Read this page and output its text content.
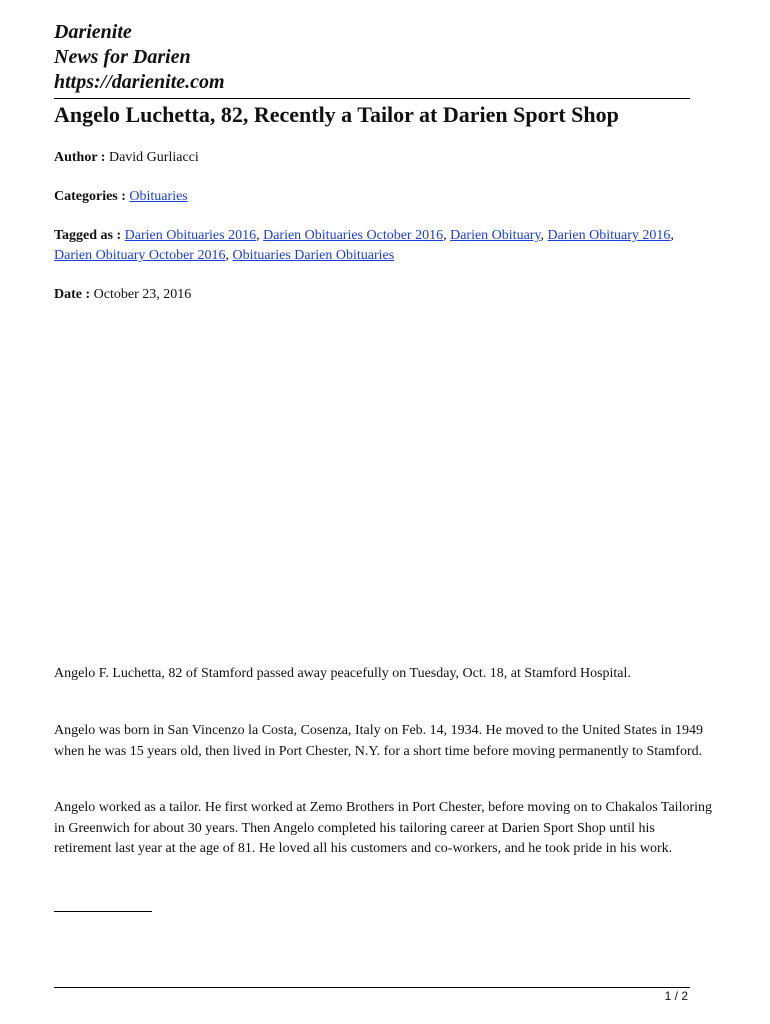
Darienite
News for Darien
https://darienite.com
Angelo Luchetta, 82, Recently a Tailor at Darien Sport Shop
Author : David Gurliacci
Categories : Obituaries
Tagged as : Darien Obituaries 2016, Darien Obituaries October 2016, Darien Obituary, Darien Obituary 2016, Darien Obituary October 2016, Obituaries Darien Obituaries
Date : October 23, 2016

Angelo F. Luchetta, 82 of Stamford passed away peacefully on Tuesday, Oct. 18, at Stamford Hospital.

Angelo was born in San Vincenzo la Costa, Cosenza, Italy on Feb. 14, 1934. He moved to the United States in 1949 when he was 15 years old, then lived in Port Chester, N.Y. for a short time before moving permanently to Stamford.

Angelo worked as a tailor. He first worked at Zemo Brothers in Port Chester, before moving on to Chakalos Tailoring in Greenwich for about 30 years. Then Angelo completed his tailoring career at Darien Sport Shop until his retirement last year at the age of 81. He loved all his customers and co-workers, and he took pride in his work.

1 / 2
